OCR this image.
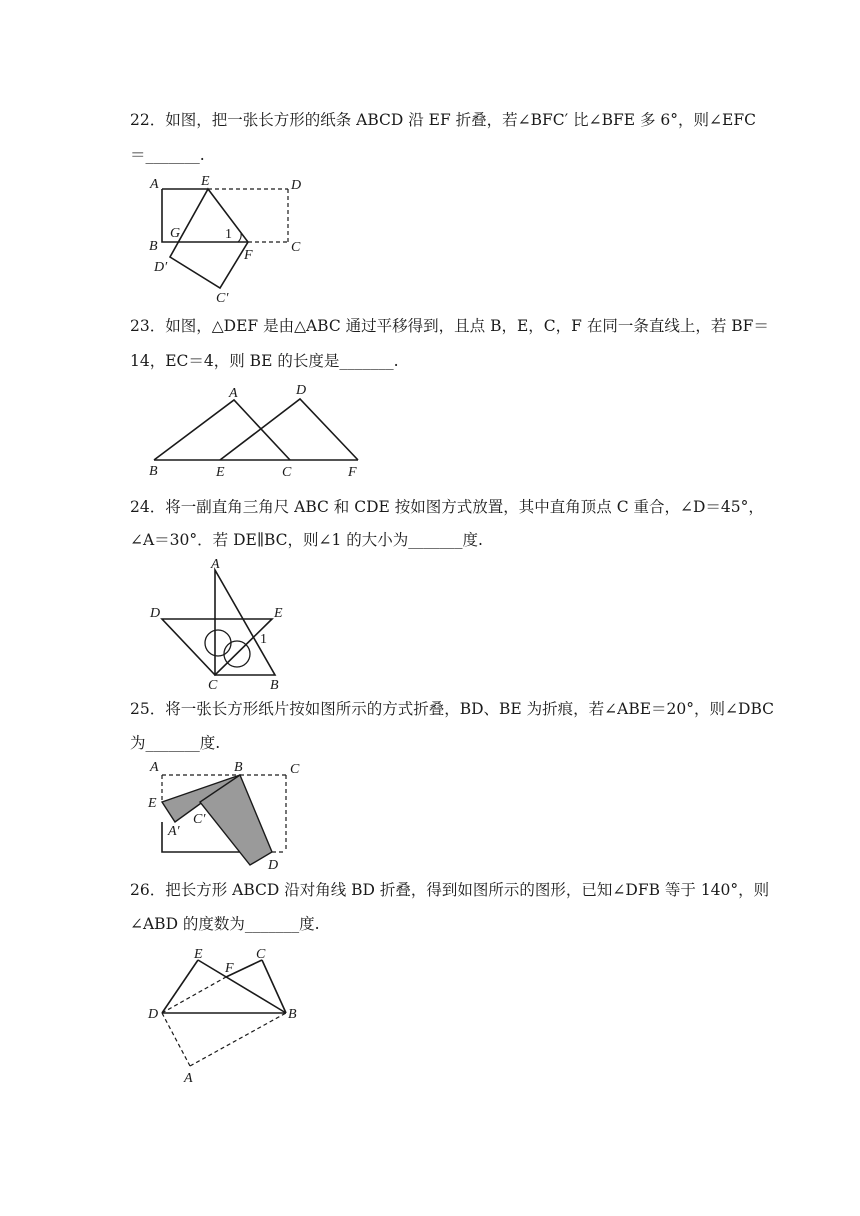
22．如图，把一张长方形的纸条 ABCD 沿 EF 折叠，若∠BFC′ 比∠BFE 多 6°，则∠EFC
＝_______.
A	E	D
B
G	1
C
D′
F
C′
23．如图，△DEF 是由△ABC 通过平移得到，且点 B，E，C，F 在同一条直线上，若 BF＝
14，EC＝4，则 BE 的长度是_______.
A	D
B	E	C	F
24．将一副直角三角尺 ABC 和 CDE 按如图方式放置，其中直角顶点 C 重合，∠D＝45°，
∠A＝30°．若 DE∥BC，则∠1 的大小为_______度.
A
D	E
1
C	B
25．将一张长方形纸片按如图所示的方式折叠，BD、BE 为折痕，若∠ABE＝20°，则∠DBC
为_______度.
A	B	C
E
A′
C′
D
26．把长方形 ABCD 沿对角线 BD 折叠，得到如图所示的图形，已知∠DFB 等于 140°，则
∠ABD 的度数为_______度.
E
F
C
D	B
A
